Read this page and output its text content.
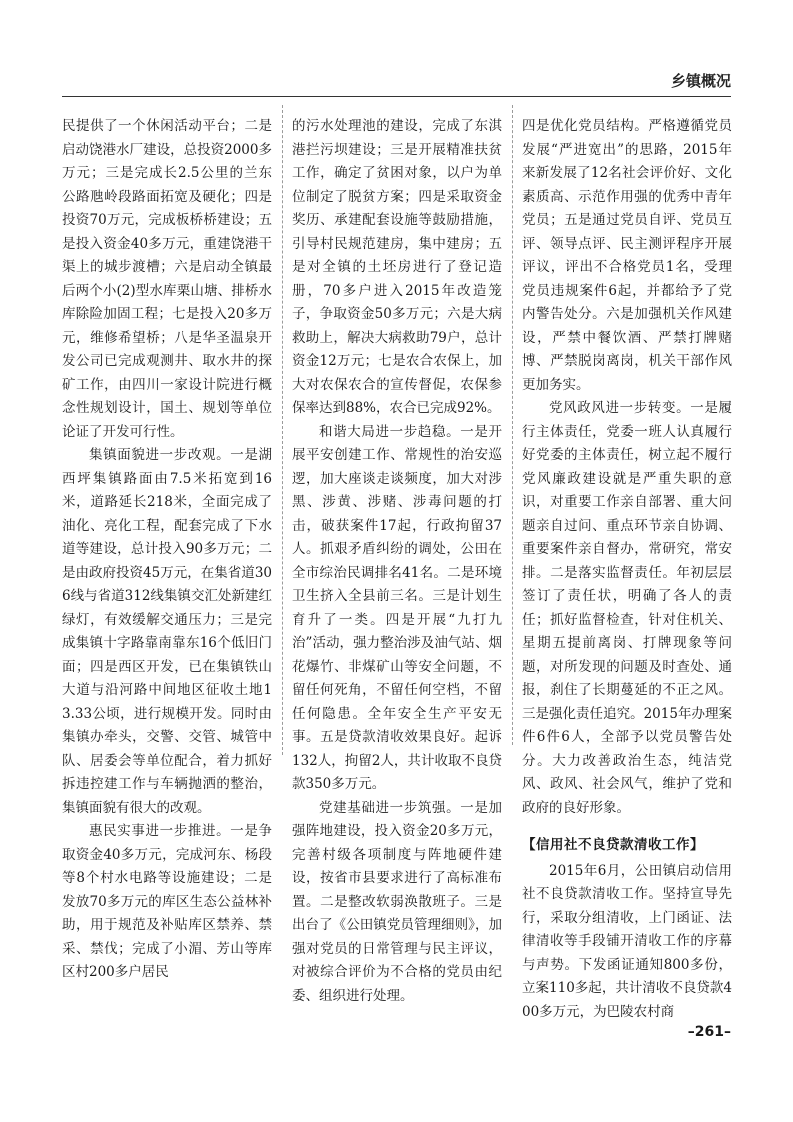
乡镇概况

民提供了一个休闲活动平台；二是启动饶港水厂建设，总投资2000多万元；三是完成长2.5公里的兰东公路虺岭段路面拓宽及硬化；四是投资70万元，完成板桥桥建设；五是投入资金40多万元，重建饶港干渠上的城步渡槽；六是启动全镇最后两个小(2)型水库栗山塘、排桥水库除险加固工程；七是投入20多万元，维修希望桥；八是华圣温泉开发公司已完成观测井、取水井的探矿工作，由四川一家设计院进行概念性规划设计，国土、规划等单位论证了开发可行性。

集镇面貌进一步改观。一是湖西坪集镇路面由7.5米拓宽到16米，道路延长218米，全面完成了油化、亮化工程，配套完成了下水道等建设，总计投入90多万元；二是由政府投资45万元，在集省道306线与省道312线集镇交汇处新建红绿灯，有效缓解交通压力；三是完成集镇十字路靠南靠东16个低旧门面；四是西区开发，已在集镇铁山大道与沿河路中间地区征收土地13.33公顷，进行规模开发。同时由集镇办牵头，交警、交管、城管中队、居委会等单位配合，着力抓好拆违控建工作与车辆抛洒的整治，集镇面貌有很大的改观。

惠民实事进一步推进。一是争取资金40多万元，完成河东、杨段等8个村水电路等设施建设；二是发放70多万元的库区生态公益林补助，用于规范及补贴库区禁养、禁采、禁伐；完成了小湄、芳山等库区村200多户居民

的污水处理池的建设，完成了东淇港拦污坝建设；三是开展精准扶贫工作，确定了贫困对象，以户为单位制定了脱贫方案；四是采取资金奖历、承建配套设施等鼓励措施，引导村民规范建房，集中建房；五是对全镇的土坯房进行了登记造册，70多户进入2015年改造笼子，争取资金50多万元；六是大病救助上，解决大病救助79户，总计资金12万元；七是农合农保上，加大对农保农合的宣传督促，农保参保率达到88%，农合已完成92%。

和谐大局进一步趋稳。一是开展平安创建工作、常规性的治安巡逻，加大座谈走谈频度，加大对涉黑、涉黄、涉赌、涉毒问题的打击，破获案件17起，行政拘留37人。抓艰矛盾纠纷的调处，公田在全市综治民调排名41名。二是环境卫生挤入全县前三名。三是计划生育升了一类。四是开展“九打九治”活动，强力整治涉及油气站、烟花爆竹、非煤矿山等安全问题，不留任何死角，不留任何空档，不留任何隐患。全年安全生产平安无事。五是贷款清收效果良好。起诉132人，拘留2人，共计收取不良贷款350多万元。

党建基础进一步筑强。一是加强阵地建设，投入资金20多万元，完善村级各项制度与阵地硬件建设，按省市县要求进行了高标准布置。二是整改软弱涣散班子。三是出台了《公田镇党员管理细则》，加强对党员的日常管理与民主评议，对被综合评价为不合格的党员由纪委、组织进行处理。

四是优化党员结构。严格遵循党员发展“严进宽出”的思路，2015年来新发展了12名社会评价好、文化素质高、示范作用强的优秀中青年党员；五是通过党员自评、党员互评、领导点评、民主测评程序开展评议，评出不合格党员1名，受理党员违规案件6起，并都给予了党内警告处分。六是加强机关作风建设，严禁中餐饮酒、严禁打牌赌博、严禁脱岗离岗，机关干部作风更加务实。

党风政风进一步转变。一是履行主体责任，党委一班人认真履行好党委的主体责任，树立起不履行党风廉政建设就是严重失职的意识，对重要工作亲自部署、重大问题亲自过问、重点环节亲自协调、重要案件亲自督办，常研究，常安排。二是落实监督责任。年初层层签订了责任状，明确了各人的责任；抓好监督检查，针对住机关、星期五提前离岗、打牌现象等问题，对所发现的问题及时查处、通报，刹住了长期蔓延的不正之风。三是强化责任追究。2015年办理案件6件6人，全部予以党员警告处分。大力改善政治生态，纯洁党风、政风、社会风气，维护了党和政府的良好形象。

【信用社不良贷款清收工作】

2015年6月，公田镇启动信用社不良贷款清收工作。坚持宣导先行，采取分组清收，上门函证、法律清收等手段铺开清收工作的序幕与声势。下发函证通知800多份，立案110多起，共计清收不良贷款400多万元，为巴陵农村商

–261–
